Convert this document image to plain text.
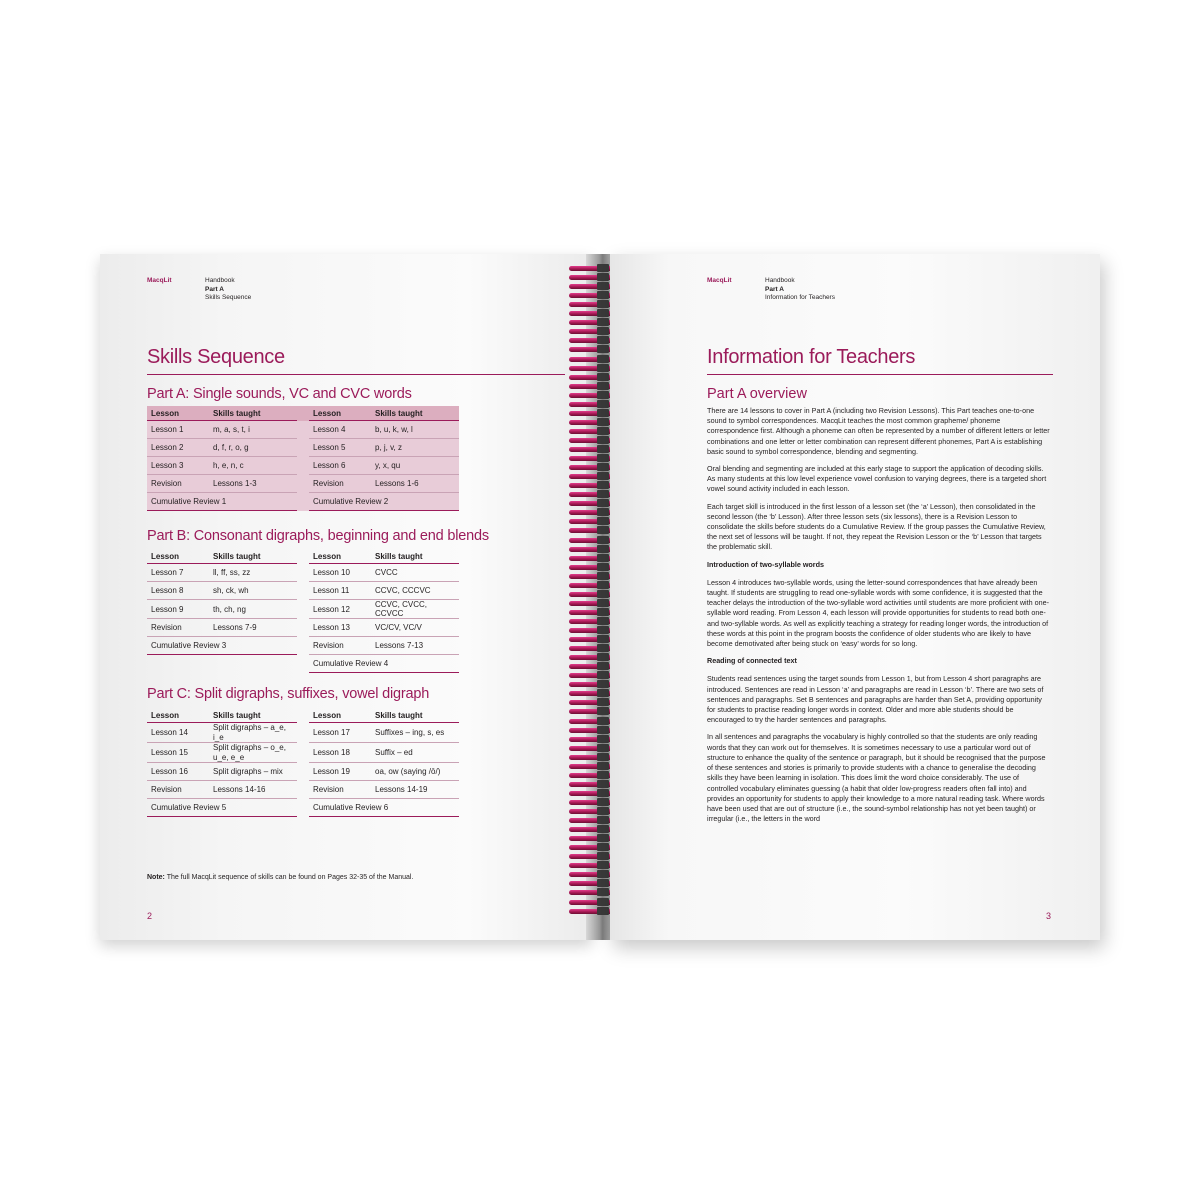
MacqLit	Handbook
Part A
Skills Sequence
Skills Sequence
Part A: Single sounds, VC and CVC words
Lesson	Skills taught		Lesson	Skills taught
Lesson 1	m, a, s, t, i		Lesson 4	b, u, k, w, l
Lesson 2	d, f, r, o, g		Lesson 5	p, j, v, z
Lesson 3	h, e, n, c		Lesson 6	y, x, qu
Revision	Lessons 1-3		Revision	Lessons 1-6
Cumulative Review 1			Cumulative Review 2	
Part B: Consonant digraphs, beginning and end blends
Lesson	Skills taught		Lesson	Skills taught
Lesson 7	ll, ff, ss, zz		Lesson 10	CVCC
Lesson 8	sh, ck, wh		Lesson 11	CCVC, CCCVC
Lesson 9	th, ch, ng		Lesson 12	CCVC, CVCC, CCVCC
Revision	Lessons 7-9		Lesson 13	VC/CV, VC/V
Cumulative Review 3			Revision	Lessons 7-13
			Cumulative Review 4	
Part C: Split digraphs, suffixes, vowel digraph
Lesson	Skills taught		Lesson	Skills taught
Lesson 14	Split digraphs – a_e, i_e		Lesson 17	Suffixes – ing, s, es
Lesson 15	Split digraphs – o_e, u_e, e_e		Lesson 18	Suffix – ed
Lesson 16	Split digraphs – mix		Lesson 19	oa, ow (saying /ō/)
Revision	Lessons 14-16		Revision	Lessons 14-19
Cumulative Review 5			Cumulative Review 6	
Note: The full MacqLit sequence of skills can be found on Pages 32-35 of the Manual.
2
MacqLit	Handbook
Part A
Information for Teachers
Information for Teachers
Part A overview

There are 14 lessons to cover in Part A (including two Revision Lessons). This Part teaches one-to-one sound to symbol correspondences. MacqLit teaches the most common grapheme/ phoneme correspondence first. Although a phoneme can often be represented by a number of different letters or letter combinations and one letter or letter combination can represent different phonemes, Part A is establishing basic sound to symbol correspondence, blending and segmenting.

Oral blending and segmenting are included at this early stage to support the application of decoding skills. As many students at this low level experience vowel confusion to varying degrees, there is a targeted short vowel sound activity included in each lesson.

Each target skill is introduced in the first lesson of a lesson set (the ‘a’ Lesson), then consolidated in the second lesson (the ‘b’ Lesson). After three lesson sets (six lessons), there is a Revision Lesson to consolidate the skills before students do a Cumulative Review. If the group passes the Cumulative Review, the next set of lessons will be taught. If not, they repeat the Revision Lesson or the ‘b’ Lesson that targets the problematic skill.

Introduction of two-syllable words

Lesson 4 introduces two-syllable words, using the letter-sound correspondences that have already been taught. If students are struggling to read one-syllable words with some confidence, it is suggested that the teacher delays the introduction of the two-syllable word activities until students are more proficient with one-syllable word reading. From Lesson 4, each lesson will provide opportunities for students to read both one- and two-syllable words. As well as explicitly teaching a strategy for reading longer words, the introduction of these words at this point in the program boosts the confidence of older students who are likely to have become demotivated after being stuck on ‘easy’ words for so long.

Reading of connected text

Students read sentences using the target sounds from Lesson 1, but from Lesson 4 short paragraphs are introduced. Sentences are read in Lesson ‘a’ and paragraphs are read in Lesson ‘b’. There are two sets of sentences and paragraphs. Set B sentences and paragraphs are harder than Set A, providing opportunity for students to practise reading longer words in context. Older and more able students should be encouraged to try the harder sentences and paragraphs.

In all sentences and paragraphs the vocabulary is highly controlled so that the students are only reading words that they can work out for themselves. It is sometimes necessary to use a particular word out of structure to enhance the quality of the sentence or paragraph, but it should be recognised that the purpose of these sentences and stories is primarily to provide students with a chance to generalise the decoding skills they have been learning in isolation. This does limit the word choice considerably. The use of controlled vocabulary eliminates guessing (a habit that older low-progress readers often fall into) and provides an opportunity for students to apply their knowledge to a more natural reading task. Where words have been used that are out of structure (i.e., the sound-symbol relationship has not yet been taught) or irregular (i.e., the letters in the word

3
